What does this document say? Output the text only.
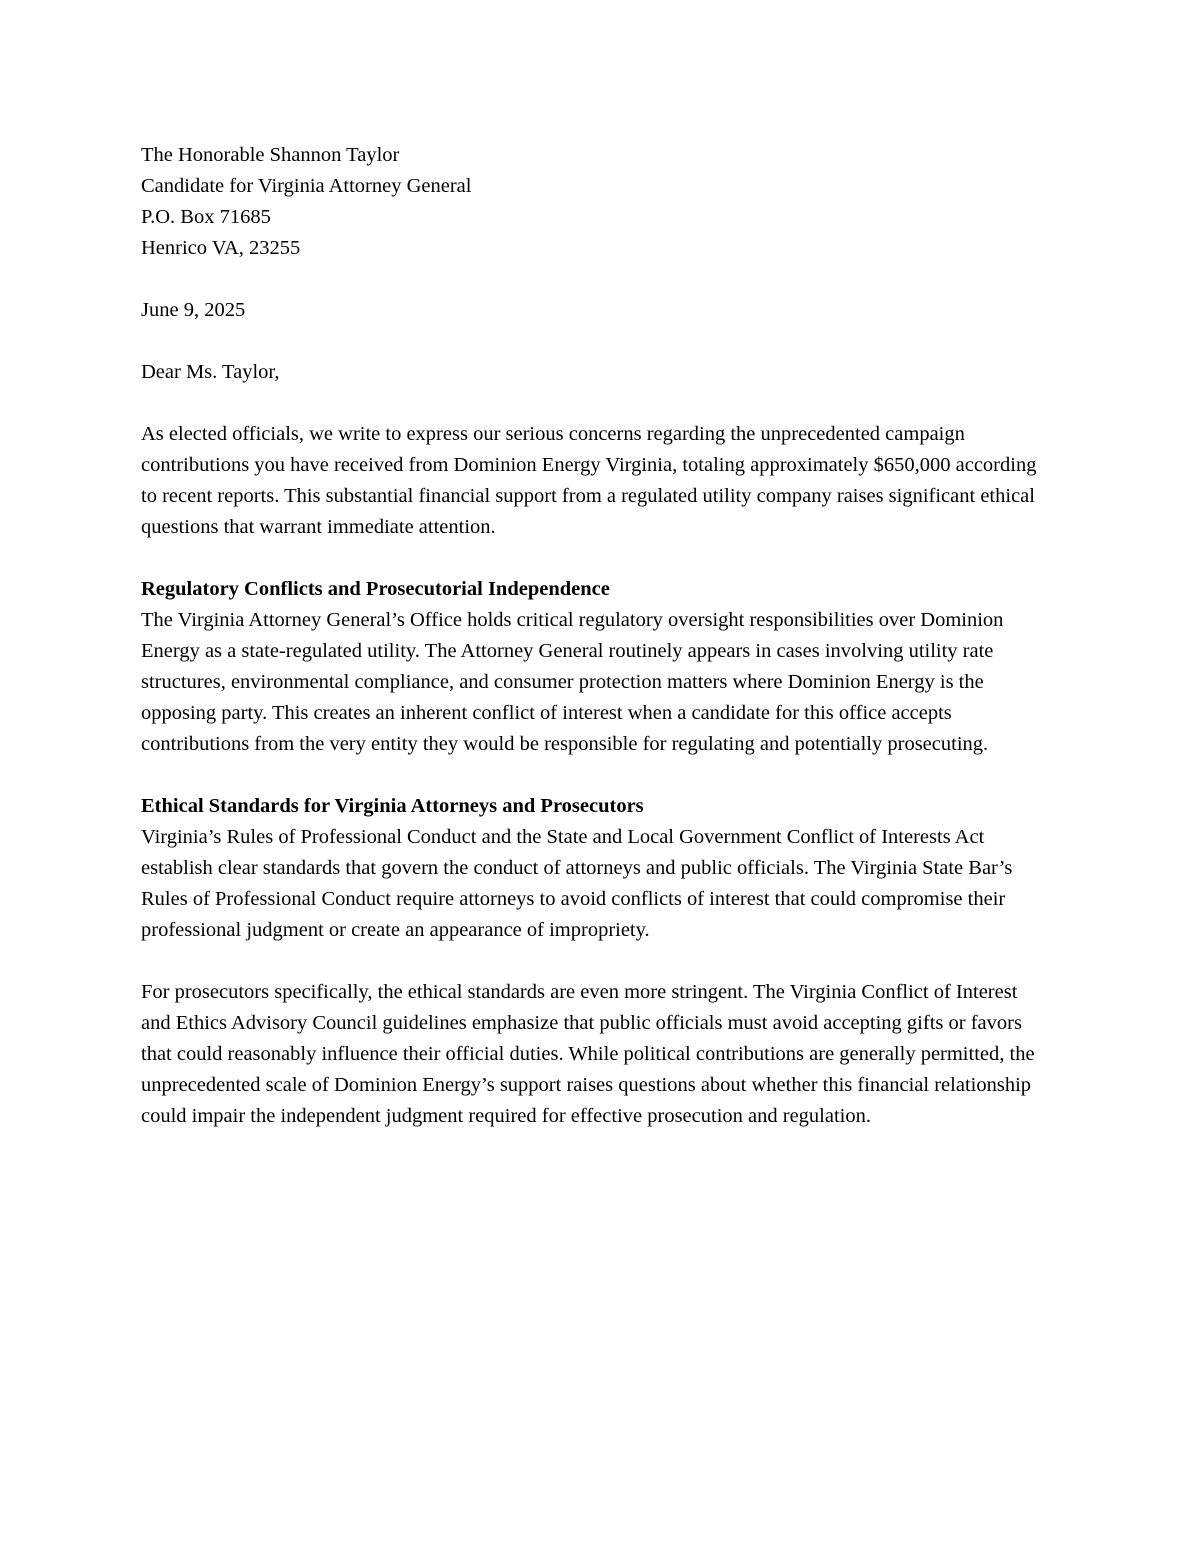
The Honorable Shannon Taylor
Candidate for Virginia Attorney General
P.O. Box 71685
Henrico VA, 23255
June 9, 2025
Dear Ms. Taylor,

As elected officials, we write to express our serious concerns regarding the unprecedented campaign contributions you have received from Dominion Energy Virginia, totaling approximately $650,000 according to recent reports. This substantial financial support from a regulated utility company raises significant ethical questions that warrant immediate attention.

Regulatory Conflicts and Prosecutorial Independence

The Virginia Attorney General’s Office holds critical regulatory oversight responsibilities over Dominion Energy as a state-regulated utility. The Attorney General routinely appears in cases involving utility rate structures, environmental compliance, and consumer protection matters where Dominion Energy is the opposing party. This creates an inherent conflict of interest when a candidate for this office accepts contributions from the very entity they would be responsible for regulating and potentially prosecuting.

Ethical Standards for Virginia Attorneys and Prosecutors

Virginia’s Rules of Professional Conduct and the State and Local Government Conflict of Interests Act establish clear standards that govern the conduct of attorneys and public officials. The Virginia State Bar’s Rules of Professional Conduct require attorneys to avoid conflicts of interest that could compromise their professional judgment or create an appearance of impropriety.

For prosecutors specifically, the ethical standards are even more stringent. The Virginia Conflict of Interest and Ethics Advisory Council guidelines emphasize that public officials must avoid accepting gifts or favors that could reasonably influence their official duties. While political contributions are generally permitted, the unprecedented scale of Dominion Energy’s support raises questions about whether this financial relationship could impair the independent judgment required for effective prosecution and regulation.
